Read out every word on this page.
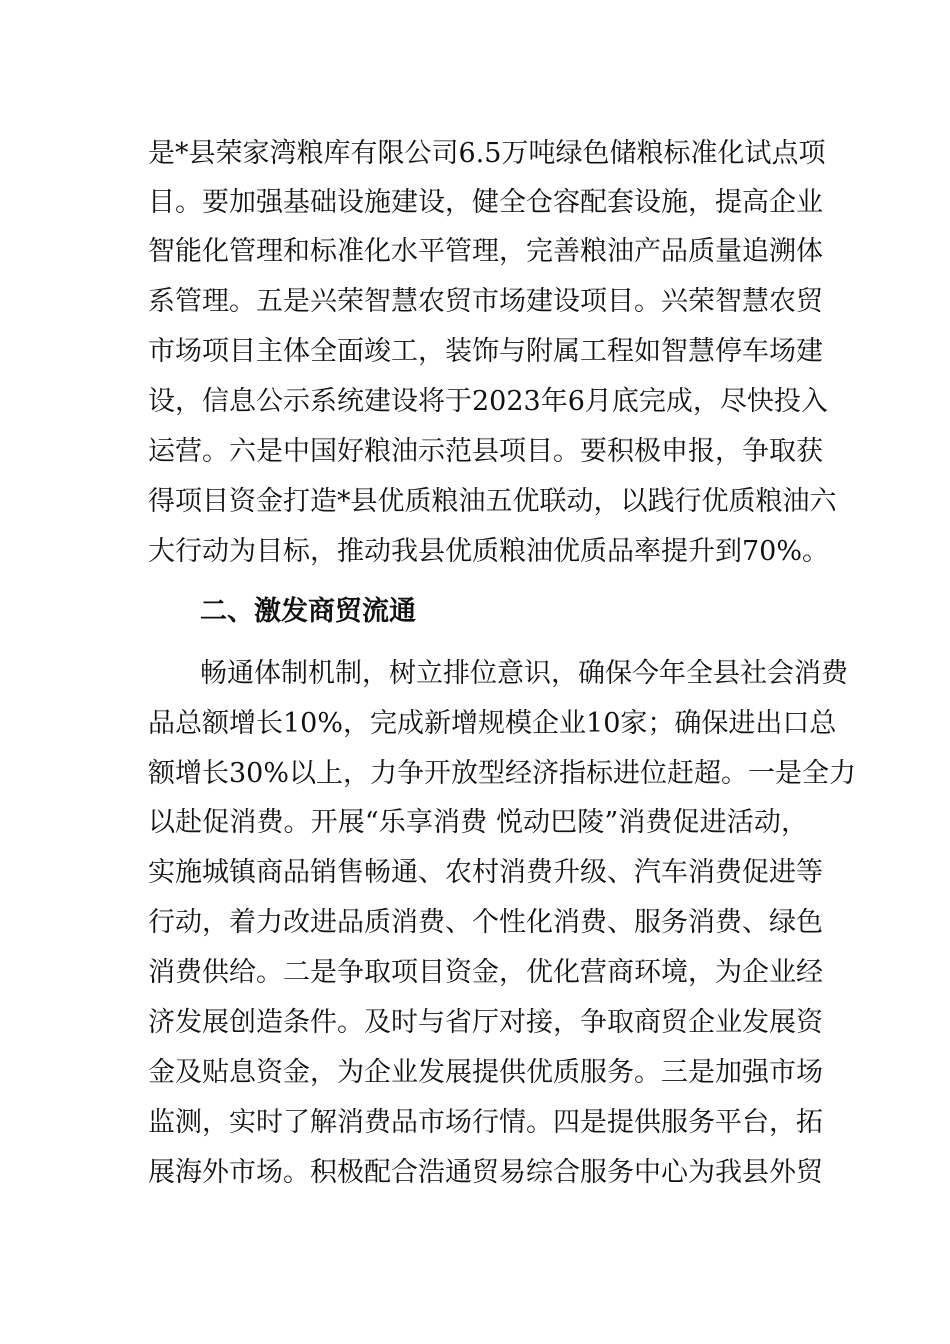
是*县荣家湾粮库有限公司6.5万吨绿色储粮标准化试点项
目。要加强基础设施建设，健全仓容配套设施，提高企业
智能化管理和标准化水平管理，完善粮油产品质量追溯体
系管理。五是兴荣智慧农贸市场建设项目。兴荣智慧农贸
市场项目主体全面竣工，装饰与附属工程如智慧停车场建
设，信息公示系统建设将于2023年6月底完成，尽快投入
运营。六是中国好粮油示范县项目。要积极申报，争取获
得项目资金打造*县优质粮油五优联动，以践行优质粮油六
大行动为目标，推动我县优质粮油优质品率提升到70%。
二、激发商贸流通
畅通体制机制，树立排位意识，确保今年全县社会消费
品总额增长10%，完成新增规模企业10家；确保进出口总
额增长30%以上，力争开放型经济指标进位赶超。一是全力
以赴促消费。开展“乐享消费 悦动巴陵”消费促进活动，
实施城镇商品销售畅通、农村消费升级、汽车消费促进等
行动，着力改进品质消费、个性化消费、服务消费、绿色
消费供给。二是争取项目资金，优化营商环境，为企业经
济发展创造条件。及时与省厅对接，争取商贸企业发展资
金及贴息资金，为企业发展提供优质服务。三是加强市场
监测，实时了解消费品市场行情。四是提供服务平台，拓
展海外市场。积极配合浩通贸易综合服务中心为我县外贸
